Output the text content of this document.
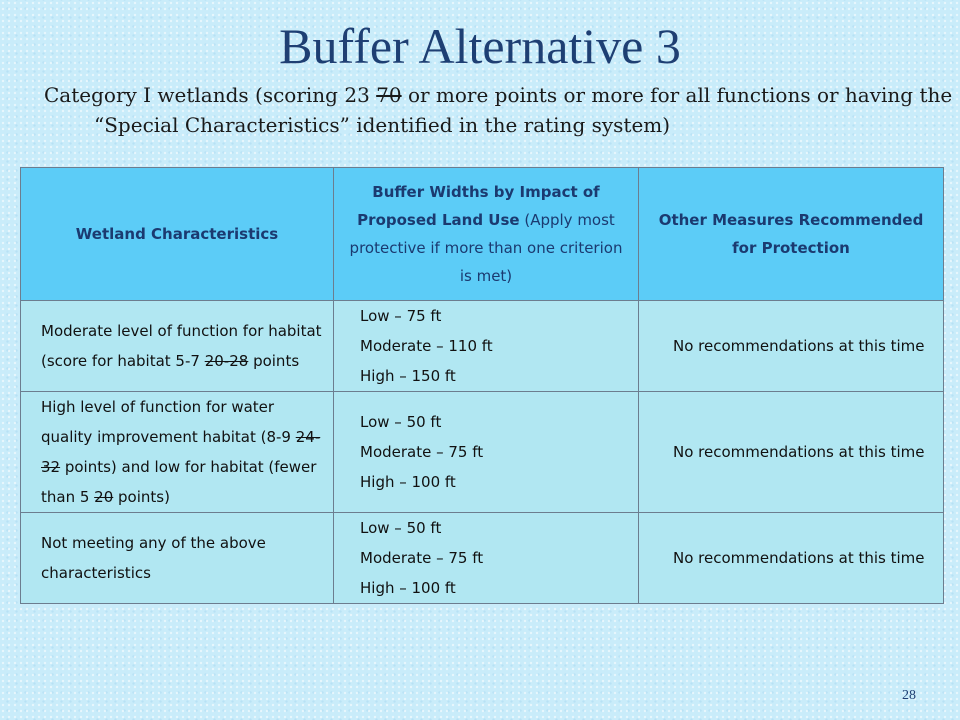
Buffer Alternative 3
Category I wetlands (scoring 23 70 or more points or more for all functions or having the “Special Characteristics” identified in the rating system)
Wetland Characteristics	Buffer Widths by Impact of Proposed Land Use (Apply most protective if more than one criterion is met)	Other Measures Recommended for Protection
Moderate level of function for habitat (score for habitat 5-7 20-28 points	Low – 75 ft
Moderate – 110 ft
High – 150 ft	No recommendations at this time
High level of function for water quality improvement habitat (8-9 24-32 points) and low for habitat (fewer than 5 20 points)	Low – 50 ft
Moderate – 75 ft
High – 100 ft	No recommendations at this time
Not meeting any of the above characteristics	Low – 50 ft
Moderate – 75 ft
High – 100 ft	No recommendations at this time
28
